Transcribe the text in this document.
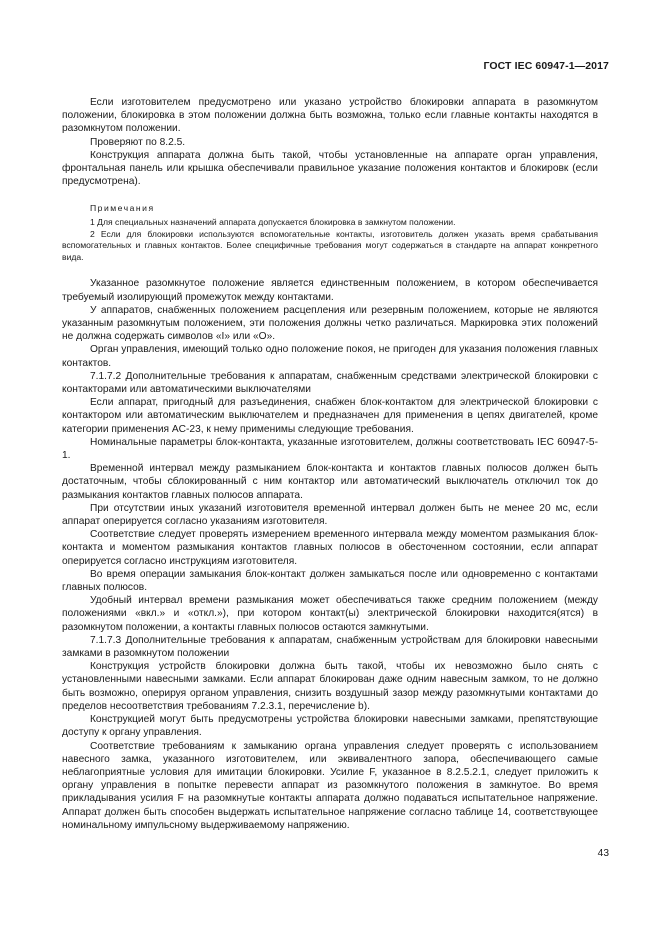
ГОСТ IEC 60947-1—2017

Если изготовителем предусмотрено или указано устройство блокировки аппарата в разомкнутом положении, блокировка в этом положении должна быть возможна, только если главные контакты находятся в разомкнутом положении.

Проверяют по 8.2.5.

Конструкция аппарата должна быть такой, чтобы установленные на аппарате орган управления, фронтальная панель или крышка обеспечивали правильное указание положения контактов и блокировк (если предусмотрена).

Примечания

1 Для специальных назначений аппарата допускается блокировка в замкнутом положении.

2 Если для блокировки используются вспомогательные контакты, изготовитель должен указать время срабатывания вспомогательных и главных контактов. Более специфичные требования могут содержаться в стандарте на аппарат конкретного вида.

Указанное разомкнутое положение является единственным положением, в котором обеспечивается требуемый изолирующий промежуток между контактами.

У аппаратов, снабженных положением расцепления или резервным положением, которые не являются указанным разомкнутым положением, эти положения должны четко различаться. Маркировка этих положений не должна содержать символов «I» или «O».

Орган управления, имеющий только одно положение покоя, не пригоден для указания положения главных контактов.

7.1.7.2 Дополнительные требования к аппаратам, снабженным средствами электрической блокировки с контакторами или автоматическими выключателями

Если аппарат, пригодный для разъединения, снабжен блок-контактом для электрической блокировки с контактором или автоматическим выключателем и предназначен для применения в цепях двигателей, кроме категории применения AC-23, к нему применимы следующие требования.

Номинальные параметры блок-контакта, указанные изготовителем, должны соответствовать IEC 60947-5-1.

Временной интервал между размыканием блок-контакта и контактов главных полюсов должен быть достаточным, чтобы сблокированный с ним контактор или автоматический выключатель отключил ток до размыкания контактов главных полюсов аппарата.

При отсутствии иных указаний изготовителя временной интервал должен быть не менее 20 мс, если аппарат оперируется согласно указаниям изготовителя.

Соответствие следует проверять измерением временного интервала между моментом размыкания блок-контакта и моментом размыкания контактов главных полюсов в обесточенном состоянии, если аппарат оперируется согласно инструкциям изготовителя.

Во время операции замыкания блок-контакт должен замыкаться после или одновременно с контактами главных полюсов.

Удобный интервал времени размыкания может обеспечиваться также средним положением (между положениями «вкл.» и «откл.»), при котором контакт(ы) электрической блокировки находится(ятся) в разомкнутом положении, а контакты главных полюсов остаются замкнутыми.

7.1.7.3 Дополнительные требования к аппаратам, снабженным устройствам для блокировки навесными замками в разомкнутом положении

Конструкция устройств блокировки должна быть такой, чтобы их невозможно было снять с установленными навесными замками. Если аппарат блокирован даже одним навесным замком, то не должно быть возможно, оперируя органом управления, снизить воздушный зазор между разомкнутыми контактами до пределов несоответствия требованиям 7.2.3.1, перечисление b).

Конструкцией могут быть предусмотрены устройства блокировки навесными замками, препятствующие доступу к органу управления.

Соответствие требованиям к замыканию органа управления следует проверять с использованием навесного замка, указанного изготовителем, или эквивалентного запора, обеспечивающего самые неблагоприятные условия для имитации блокировки. Усилие F, указанное в 8.2.5.2.1, следует приложить к органу управления в попытке перевести аппарат из разомкнутого положения в замкнутое. Во время прикладывания усилия F на разомкнутые контакты аппарата должно подаваться испытательное напряжение. Аппарат должен быть способен выдержать испытательное напряжение согласно таблице 14, соответствующее номинальному импульсному выдерживаемому напряжению.

43
